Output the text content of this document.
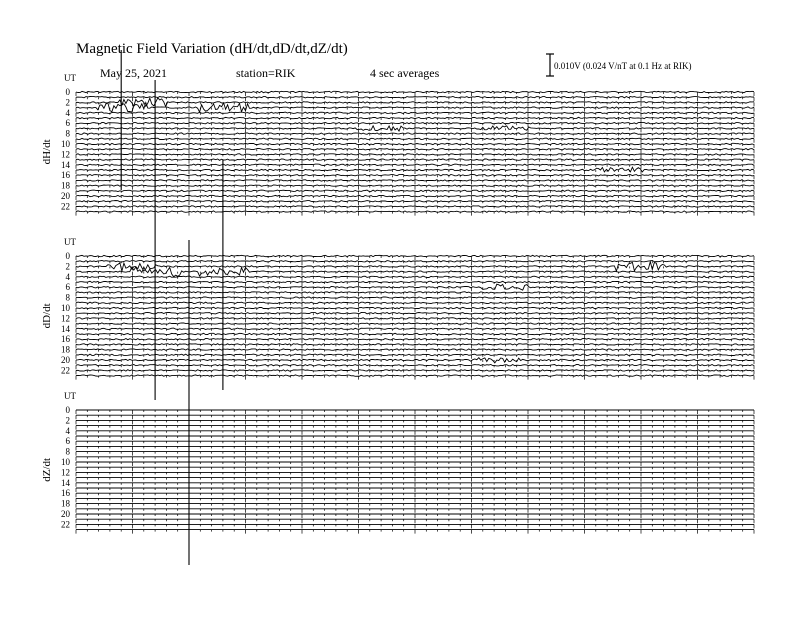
Magnetic Field Variation (dH/dt,dD/dt,dZ/dt)
May 25, 2021	station=RIK	4 sec averages	0.010V (0.024 V/nT at 0.1 Hz at RIK)
UT
dH/dt
0
2
4
6
8
10
12
14
16
18
20
22
UT
dD/dt
0
2
4
6
8
10
12
14
16
18
20
22
UT
dZ/dt
0
2
4
6
8
10
12
14
16
18
20
22
